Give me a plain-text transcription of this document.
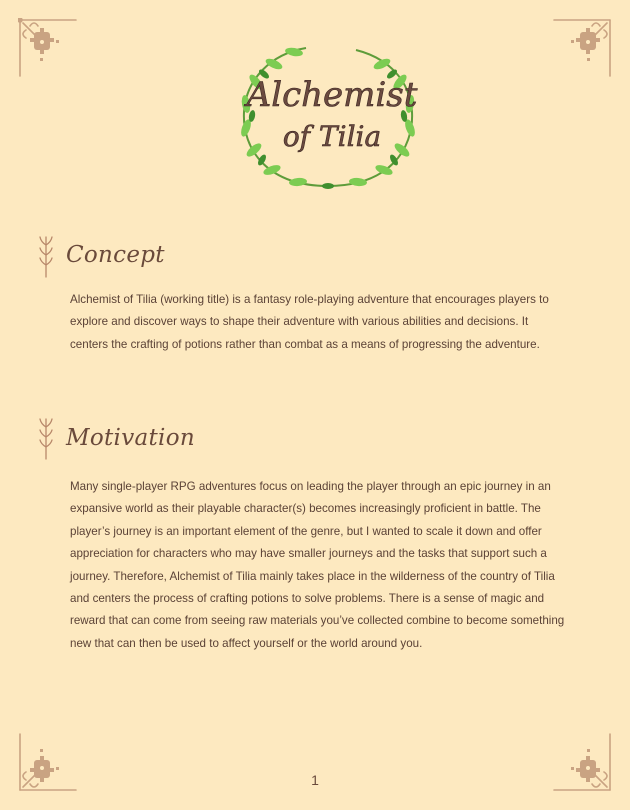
Alchemist
of Tilia
Concept

Alchemist of Tilia (working title) is a fantasy role-playing adventure that encourages players to explore and discover ways to shape their adventure with various abilities and decisions. It centers the crafting of potions rather than combat as a means of progressing the adventure.

Motivation

Many single-player RPG adventures focus on leading the player through an epic journey in an expansive world as their playable character(s) becomes increasingly proficient in battle. The player’s journey is an important element of the genre, but I wanted to scale it down and offer appreciation for characters who may have smaller journeys and the tasks that support such a journey. Therefore, Alchemist of Tilia mainly takes place in the wilderness of the country of Tilia and centers the process of crafting potions to solve problems. There is a sense of magic and reward that can come from seeing raw materials you’ve collected combine to become something new that can then be used to affect yourself or the world around you.

1
